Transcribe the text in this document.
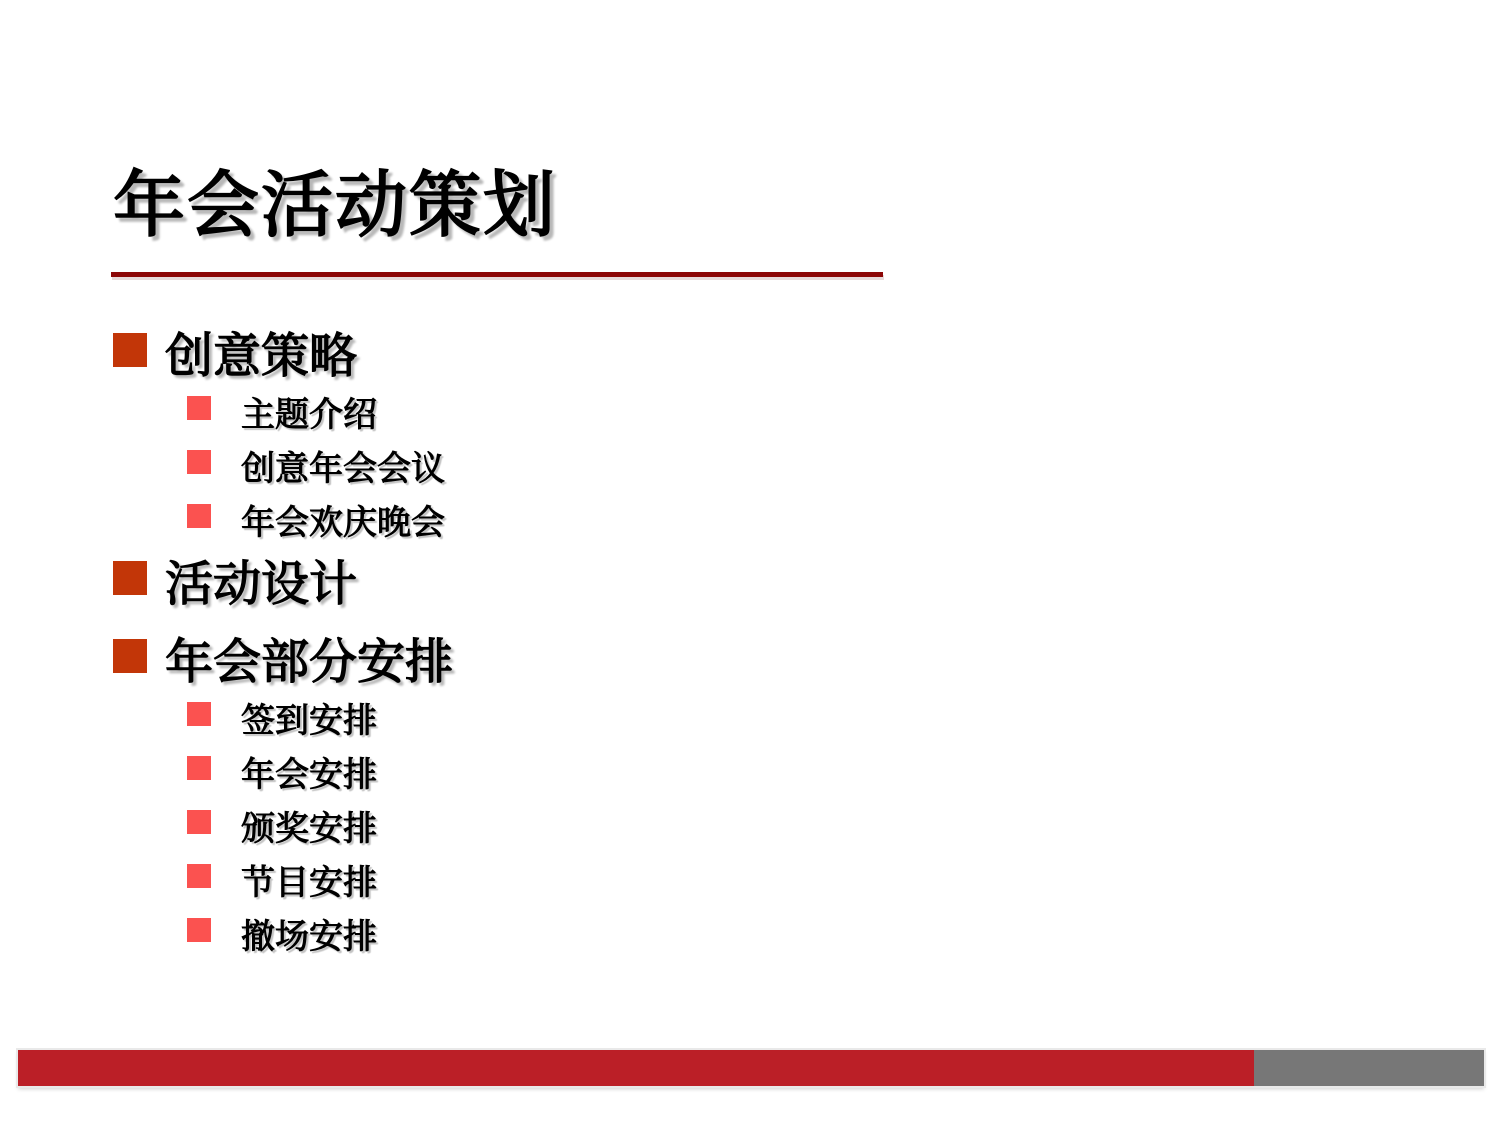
年会活动策划
创意策略
主题介绍
创意年会会议
年会欢庆晚会
活动设计
年会部分安排
签到安排
年会安排
颁奖安排
节目安排
撤场安排
